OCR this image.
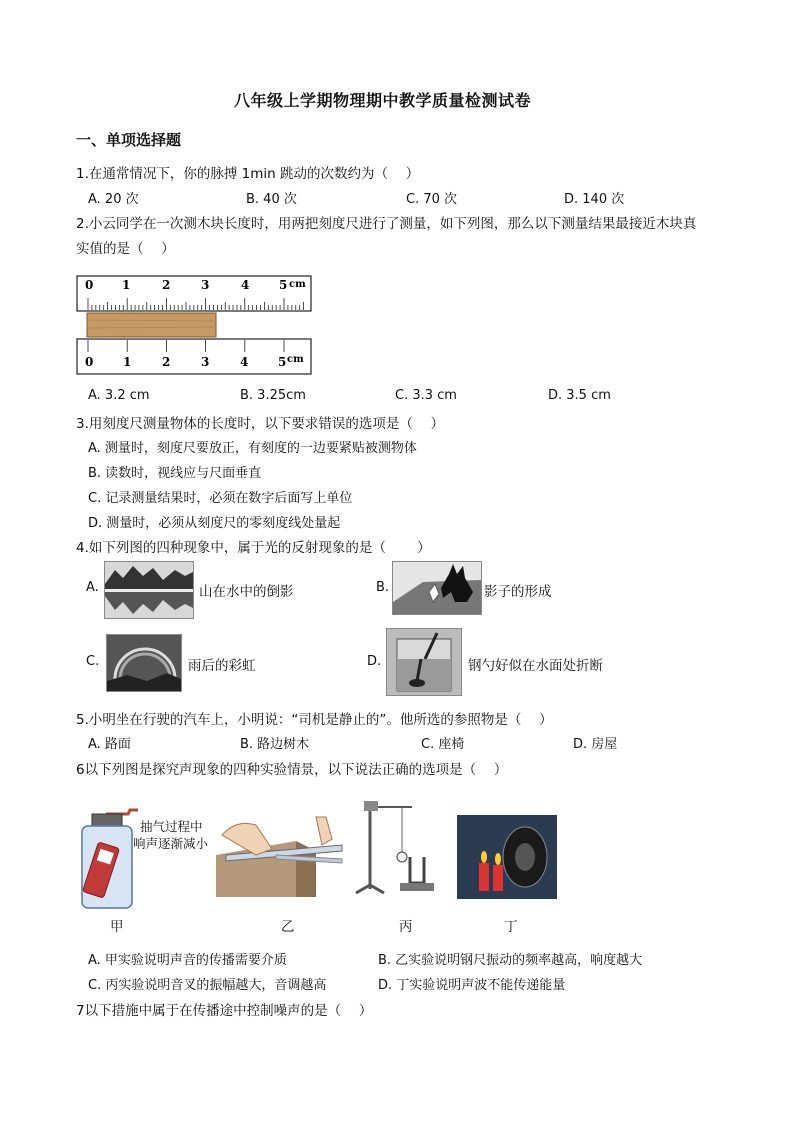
八年级上学期物理期中教学质量检测试卷
一、单项选择题
1.在通常情况下，你的脉搏 1min 跳动的次数约为（　 ）
A. 20 次	B. 40 次	C. 70 次	D. 140 次
2.小云同学在一次测木块长度时，用两把刻度尺进行了测量，如下列图，那么以下测量结果最接近木块真
实值的是（　 ）
0 1	2	3	4 5 cm
0 1	2	3	4 5 cm
A. 3.2 cm	B. 3.25cm	C. 3.3 cm	D. 3.5 cm
3.用刻度尺测量物体的长度时，以下要求错误的选项是（　 ）
A. 测量时，刻度尺要放正，有刻度的一边要紧贴被测物体
B. 读数时，视线应与尺面垂直
C. 记录测量结果时，必须在数字后面写上单位
D. 测量时，必须从刻度尺的零刻度线处量起
4.如下列图的四种现象中，属于光的反射现象的是（　 　）
A.	山在水中的倒影	B.	影子的形成
C.	雨后的彩虹	D.	钢勺好似在水面处折断
5.小明坐在行驶的汽车上，小明说：“司机是静止的”。他所选的参照物是（　 ）
A. 路面	B. 路边树木	C. 座椅	D. 房屋
6以下列图是探究声现象的四种实验情景，以下说法正确的选项是（　 ）
抽气过程中
响声逐渐减小
甲	乙	丙	丁
A. 甲实验说明声音的传播需要介质	B. 乙实验说明钢尺振动的频率越高，响度越大
C. 丙实验说明音叉的振幅越大，音调越高	D. 丁实验说明声波不能传递能量
7以下措施中属于在传播途中控制噪声的是（　 ）
